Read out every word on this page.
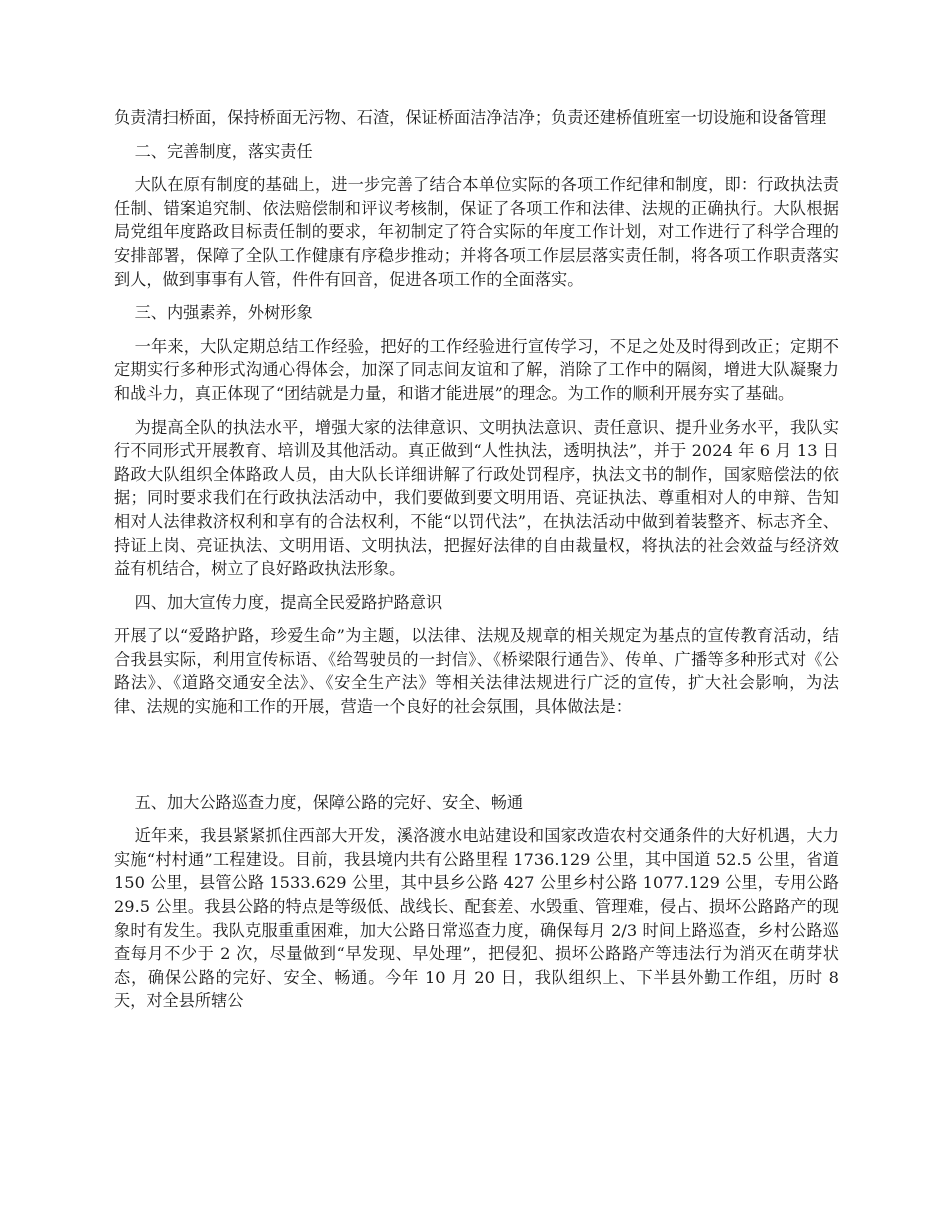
负责清扫桥面，保持桥面无污物、石渣，保证桥面洁净洁净；负责还建桥值班室一切设施和设备管理

二、完善制度，落实责任

大队在原有制度的基础上，进一步完善了结合本单位实际的各项工作纪律和制度，即：行政执法责任制、错案追究制、依法赔偿制和评议考核制，保证了各项工作和法律、法规的正确执行。大队根据局党组年度路政目标责任制的要求，年初制定了符合实际的年度工作计划，对工作进行了科学合理的安排部署，保障了全队工作健康有序稳步推动；并将各项工作层层落实责任制，将各项工作职责落实到人，做到事事有人管，件件有回音，促进各项工作的全面落实。

三、内强素养，外树形象

一年来，大队定期总结工作经验，把好的工作经验进行宣传学习，不足之处及时得到改正；定期不定期实行多种形式沟通心得体会，加深了同志间友谊和了解，消除了工作中的隔阂，增进大队凝聚力和战斗力，真正体现了“团结就是力量，和谐才能进展”的理念。为工作的顺利开展夯实了基础。

为提高全队的执法水平，增强大家的法律意识、文明执法意识、责任意识、提升业务水平，我队实行不同形式开展教育、培训及其他活动。真正做到“人性执法，透明执法”，并于 2024 年 6 月 13 日路政大队组织全体路政人员，由大队长详细讲解了行政处罚程序，执法文书的制作，国家赔偿法的依据；同时要求我们在行政执法活动中，我们要做到要文明用语、亮证执法、尊重相对人的申辩、告知相对人法律救济权利和享有的合法权利，不能“以罚代法”，在执法活动中做到着装整齐、标志齐全、持证上岗、亮证执法、文明用语、文明执法，把握好法律的自由裁量权，将执法的社会效益与经济效益有机结合，树立了良好路政执法形象。

四、加大宣传力度，提高全民爱路护路意识

开展了以“爱路护路，珍爱生命”为主题，以法律、法规及规章的相关规定为基点的宣传教育活动，结合我县实际，利用宣传标语、《给驾驶员的一封信》、《桥梁限行通告》、传单、广播等多种形式对《公路法》、《道路交通安全法》、《安全生产法》等相关法律法规进行广泛的宣传，扩大社会影响，为法律、法规的实施和工作的开展，营造一个良好的社会氛围，具体做法是：

五、加大公路巡查力度，保障公路的完好、安全、畅通

近年来，我县紧紧抓住西部大开发，溪洛渡水电站建设和国家改造农村交通条件的大好机遇，大力实施“村村通”工程建设。目前，我县境内共有公路里程 1736.129 公里，其中国道 52.5 公里，省道 150 公里，县管公路 1533.629 公里，其中县乡公路 427 公里乡村公路 1077.129 公里，专用公路 29.5 公里。我县公路的特点是等级低、战线长、配套差、水毁重、管理难，侵占、损坏公路路产的现象时有发生。我队克服重重困难，加大公路日常巡查力度，确保每月 2/3 时间上路巡查，乡村公路巡查每月不少于 2 次，尽量做到“早发现、早处理”，把侵犯、损坏公路路产等违法行为消灭在萌芽状态，确保公路的完好、安全、畅通。今年 10 月 20 日，我队组织上、下半县外勤工作组，历时 8 天，对全县所辖公
